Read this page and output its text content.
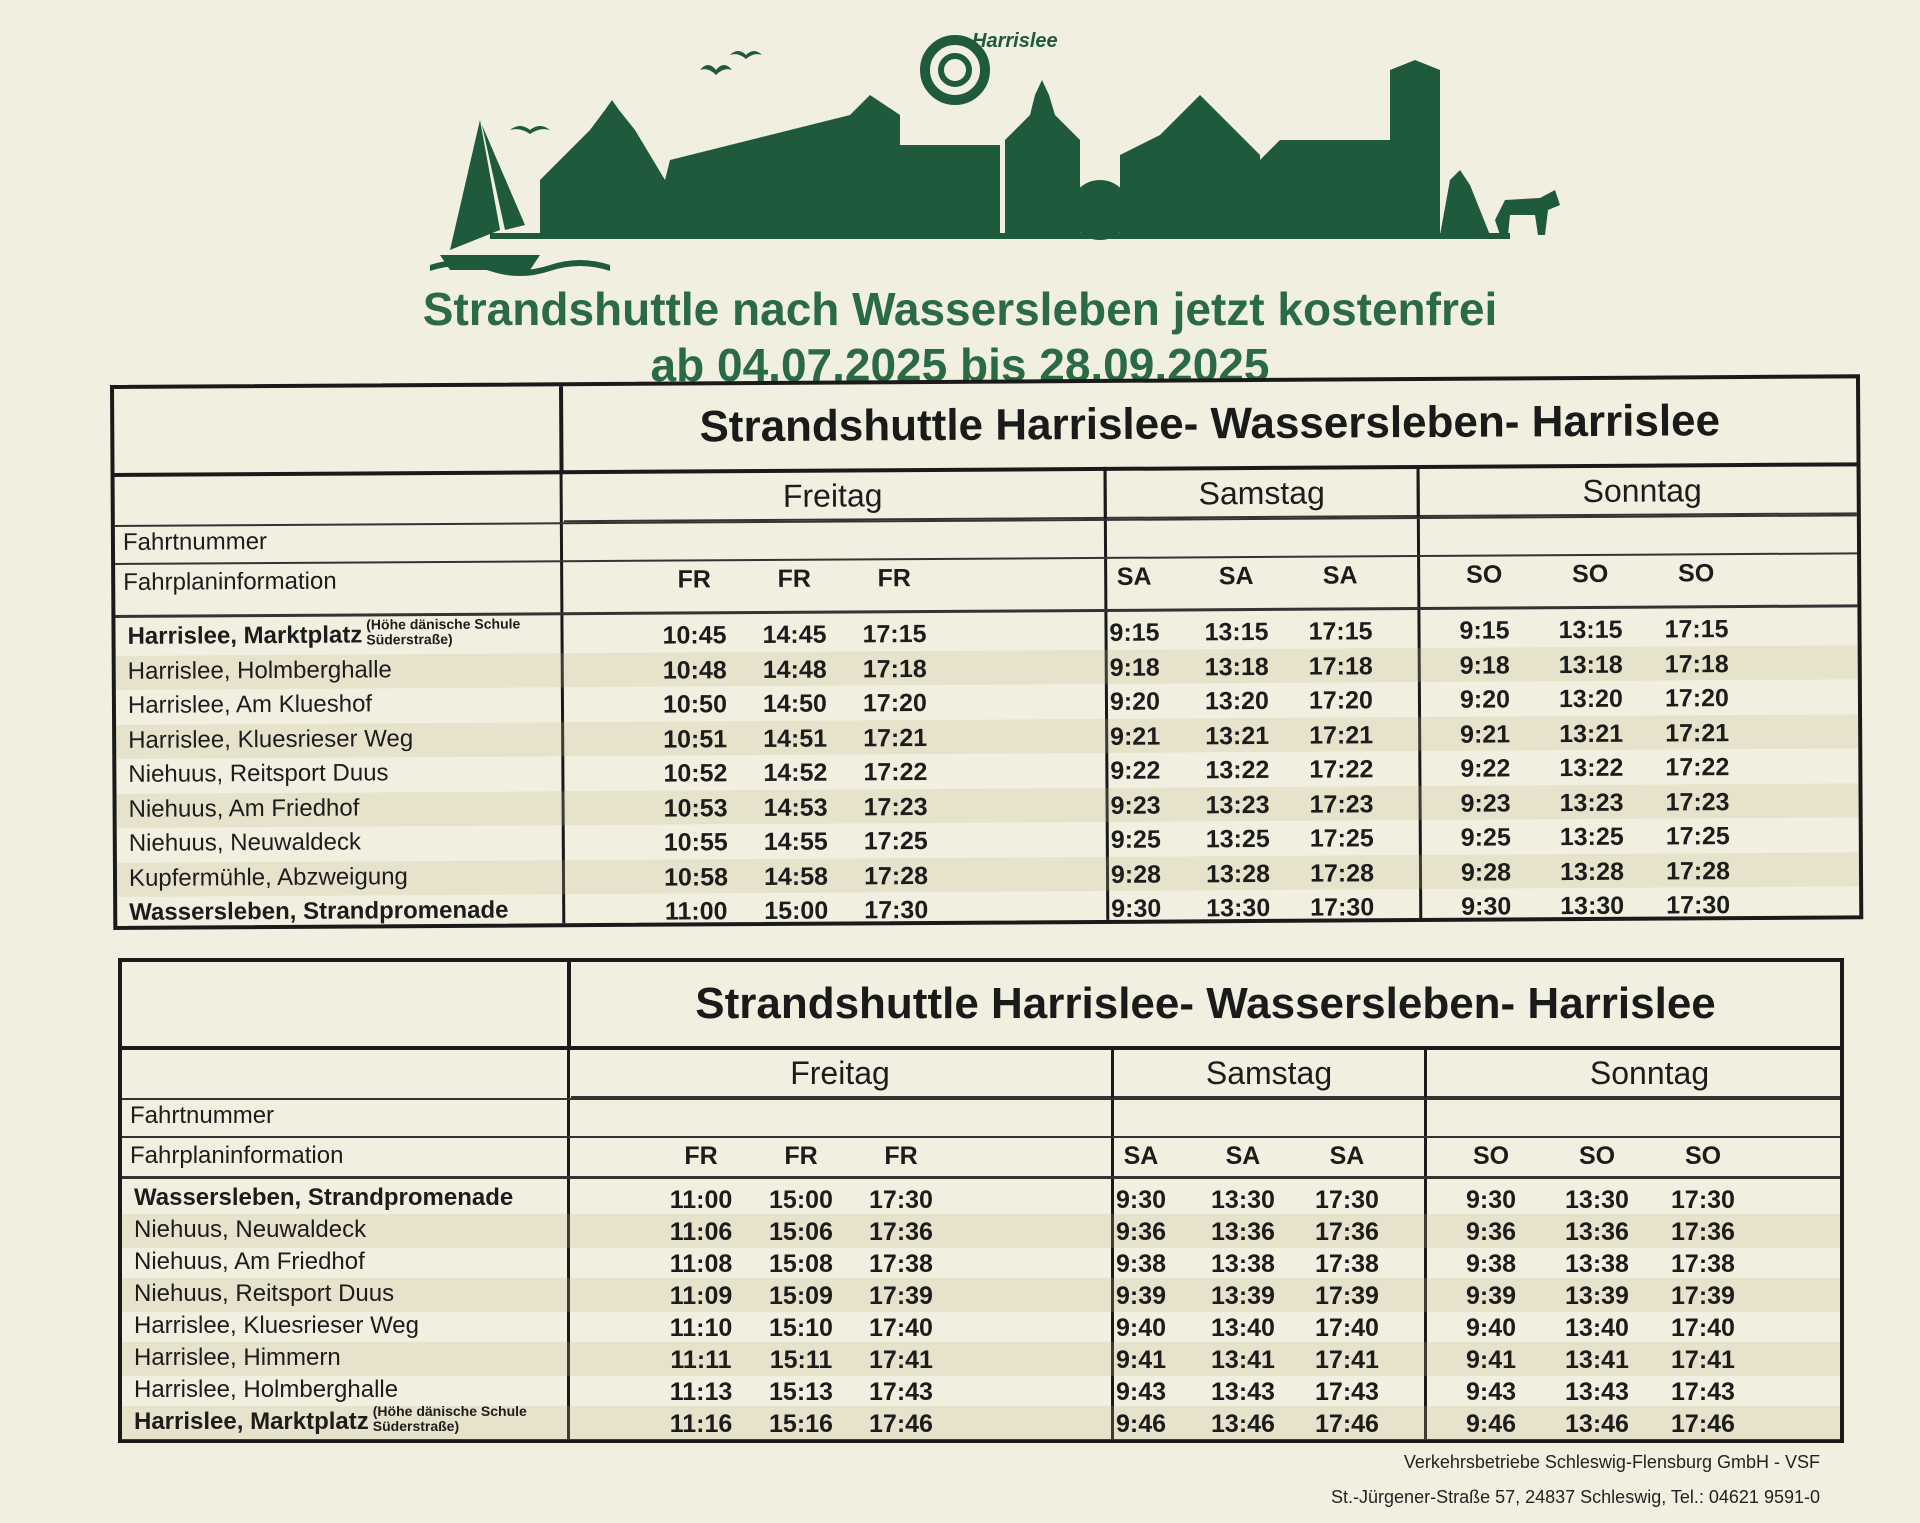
Harrislee
Strandshuttle nach Wassersleben jetzt kostenfrei
ab 04.07.2025 bis 28.09.2025
Strandshuttle Harrislee- Wassersleben- Harrislee
Freitag	Samstag	Sonntag
Fahrtnummer
Fahrplaninformation	FR	FR	FR	SA	SA	SA	SO	SO	SO
Harrislee, Marktplatz (Höhe dänische Schule Süderstraße)	10:45	14:45	17:15	9:15	13:15	17:15	9:15	13:15	17:15
Harrislee, Holmberghalle	10:48	14:48	17:18	9:18	13:18	17:18	9:18	13:18	17:18
Harrislee, Am Klueshof	10:50	14:50	17:20	9:20	13:20	17:20	9:20	13:20	17:20
Harrislee, Kluesrieser Weg	10:51	14:51	17:21	9:21	13:21	17:21	9:21	13:21	17:21
Niehuus, Reitsport Duus	10:52	14:52	17:22	9:22	13:22	17:22	9:22	13:22	17:22
Niehuus, Am Friedhof	10:53	14:53	17:23	9:23	13:23	17:23	9:23	13:23	17:23
Niehuus, Neuwaldeck	10:55	14:55	17:25	9:25	13:25	17:25	9:25	13:25	17:25
Kupfermühle, Abzweigung	10:58	14:58	17:28	9:28	13:28	17:28	9:28	13:28	17:28
Wassersleben, Strandpromenade	11:00	15:00	17:30	9:30	13:30	17:30	9:30	13:30	17:30
Strandshuttle Harrislee- Wassersleben- Harrislee
Freitag	Samstag	Sonntag
Fahrtnummer
Fahrplaninformation	FR	FR	FR	SA	SA	SA	SO	SO	SO
Wassersleben, Strandpromenade	11:00	15:00	17:30	9:30	13:30	17:30	9:30	13:30	17:30
Niehuus, Neuwaldeck	11:06	15:06	17:36	9:36	13:36	17:36	9:36	13:36	17:36
Niehuus, Am Friedhof	11:08	15:08	17:38	9:38	13:38	17:38	9:38	13:38	17:38
Niehuus, Reitsport Duus	11:09	15:09	17:39	9:39	13:39	17:39	9:39	13:39	17:39
Harrislee, Kluesrieser Weg	11:10	15:10	17:40	9:40	13:40	17:40	9:40	13:40	17:40
Harrislee, Himmern	11:11	15:11	17:41	9:41	13:41	17:41	9:41	13:41	17:41
Harrislee, Holmberghalle	11:13	15:13	17:43	9:43	13:43	17:43	9:43	13:43	17:43
Harrislee, Marktplatz (Höhe dänische Schule Süderstraße)	11:16	15:16	17:46	9:46	13:46	17:46	9:46	13:46	17:46
Verkehrsbetriebe Schleswig-Flensburg GmbH - VSF
St.-Jürgener-Straße 57, 24837 Schleswig, Tel.: 04621 9591-0
